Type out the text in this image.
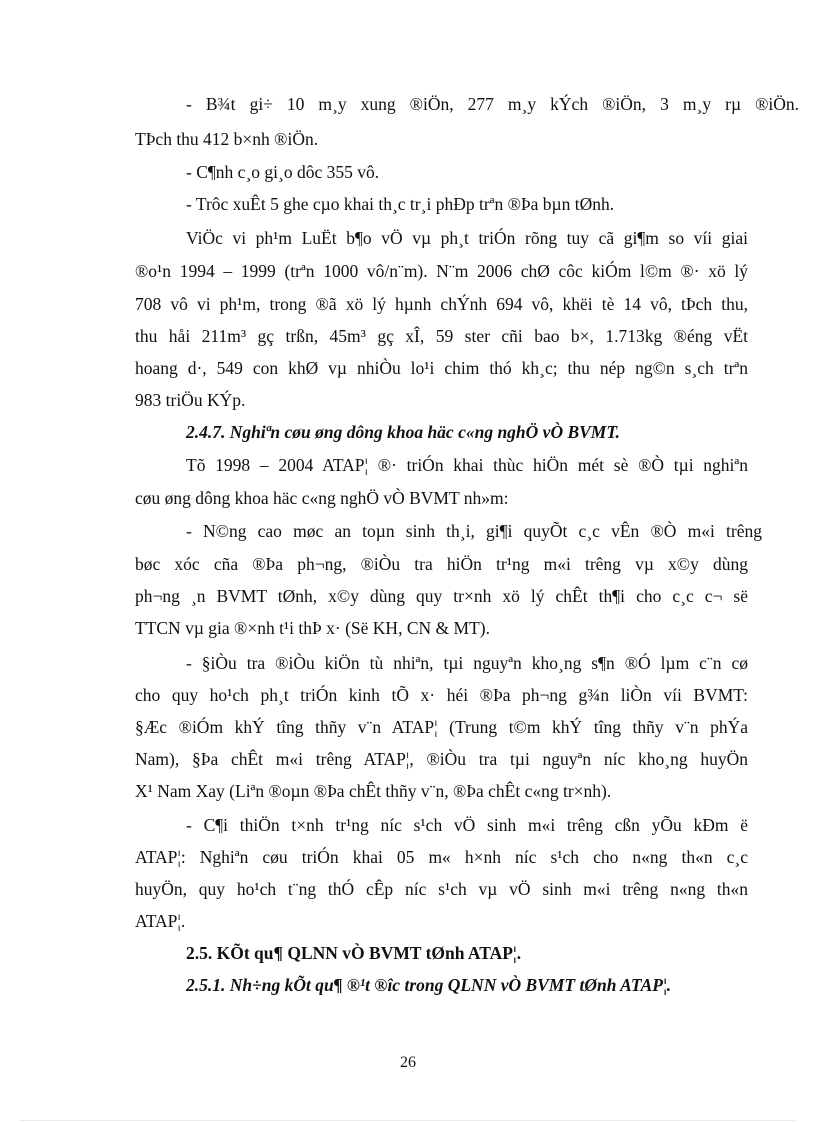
- B¾t gi÷ 10 m¸y xung ®iÖn, 277 m¸y kÝch ®iÖn, 3 m¸y rµ ®iÖn.
TÞch thu 412 b×nh ®iÖn.
- C¶nh c¸o gi¸o dôc 355 vô.
- Trôc xuÊt 5 ghe cµo khai th¸c tr¸i phÐp trªn ®Þa bµn tØnh.
ViÖc vi ph¹m LuËt b¶o vÖ vµ ph¸t triÓn rõng tuy cã gi¶m so víi giai
®o¹n 1994 – 1999 (trªn 1000 vô/n¨m). N¨m 2006 chØ côc kiÓm l©m ®· xö lý
708 vô vi ph¹m, trong ®ã xö lý hµnh chÝnh 694 vô, khëi tè 14 vô, tÞch thu,
thu håi 211m³ gç trßn, 45m³ gç xÎ, 59 ster cñi bao b×, 1.713kg ®éng vËt
hoang d·, 549 con khØ vµ nhiÒu lo¹i chim thó kh¸c; thu nép ng©n s¸ch trªn
983 triÖu KÝp.
2.4.7. Nghiªn cøu øng dông khoa häc c«ng nghÖ vÒ BVMT.
Tõ 1998 – 2004 ATAP¦ ®· triÓn khai thùc hiÖn mét sè ®Ò tµi nghiªn
cøu øng dông khoa häc c«ng nghÖ vÒ BVMT nh»m:
- N©ng cao møc an toµn sinh th¸i, gi¶i quyÕt c¸c vÊn ®Ò m«i trêng
bøc xóc cña ®Þa ph¬ng, ®iÒu tra hiÖn tr¹ng m«i trêng vµ x©y dùng
ph¬ng ¸n BVMT tØnh, x©y dùng quy tr×nh xö lý chÊt th¶i cho c¸c c¬ së
TTCN vµ gia ®×nh t¹i thÞ x· (Së KH, CN & MT).
- §iÒu tra ®iÒu kiÖn tù nhiªn, tµi nguyªn kho¸ng s¶n ®Ó lµm c¨n cø
cho quy ho¹ch ph¸t triÓn kinh tÕ x· héi ®Þa ph¬ng g¾n liÒn víi BVMT:
§Æc ®iÓm khÝ tîng thñy v¨n ATAP¦ (Trung t©m khÝ tîng thñy v¨n phÝa
Nam), §Þa chÊt m«i trêng ATAP¦, ®iÒu tra tµi nguyªn níc kho¸ng huyÖn
X¹ Nam Xay (Liªn ®oµn ®Þa chÊt thñy v¨n, ®Þa chÊt c«ng tr×nh).
- C¶i thiÖn t×nh tr¹ng níc s¹ch vÖ sinh m«i trêng cßn yÕu kÐm ë
ATAP¦: Nghiªn cøu triÓn khai 05 m« h×nh níc s¹ch cho n«ng th«n c¸c
huyÖn, quy ho¹ch t¨ng thÓ cÊp níc s¹ch vµ vÖ sinh m«i trêng n«ng th«n
ATAP¦.
2.5. KÕt qu¶ QLNN vÒ BVMT tØnh ATAP¦.
2.5.1. Nh÷ng kÕt qu¶ ®¹t ®îc trong QLNN vÒ BVMT tØnh ATAP¦.
26
